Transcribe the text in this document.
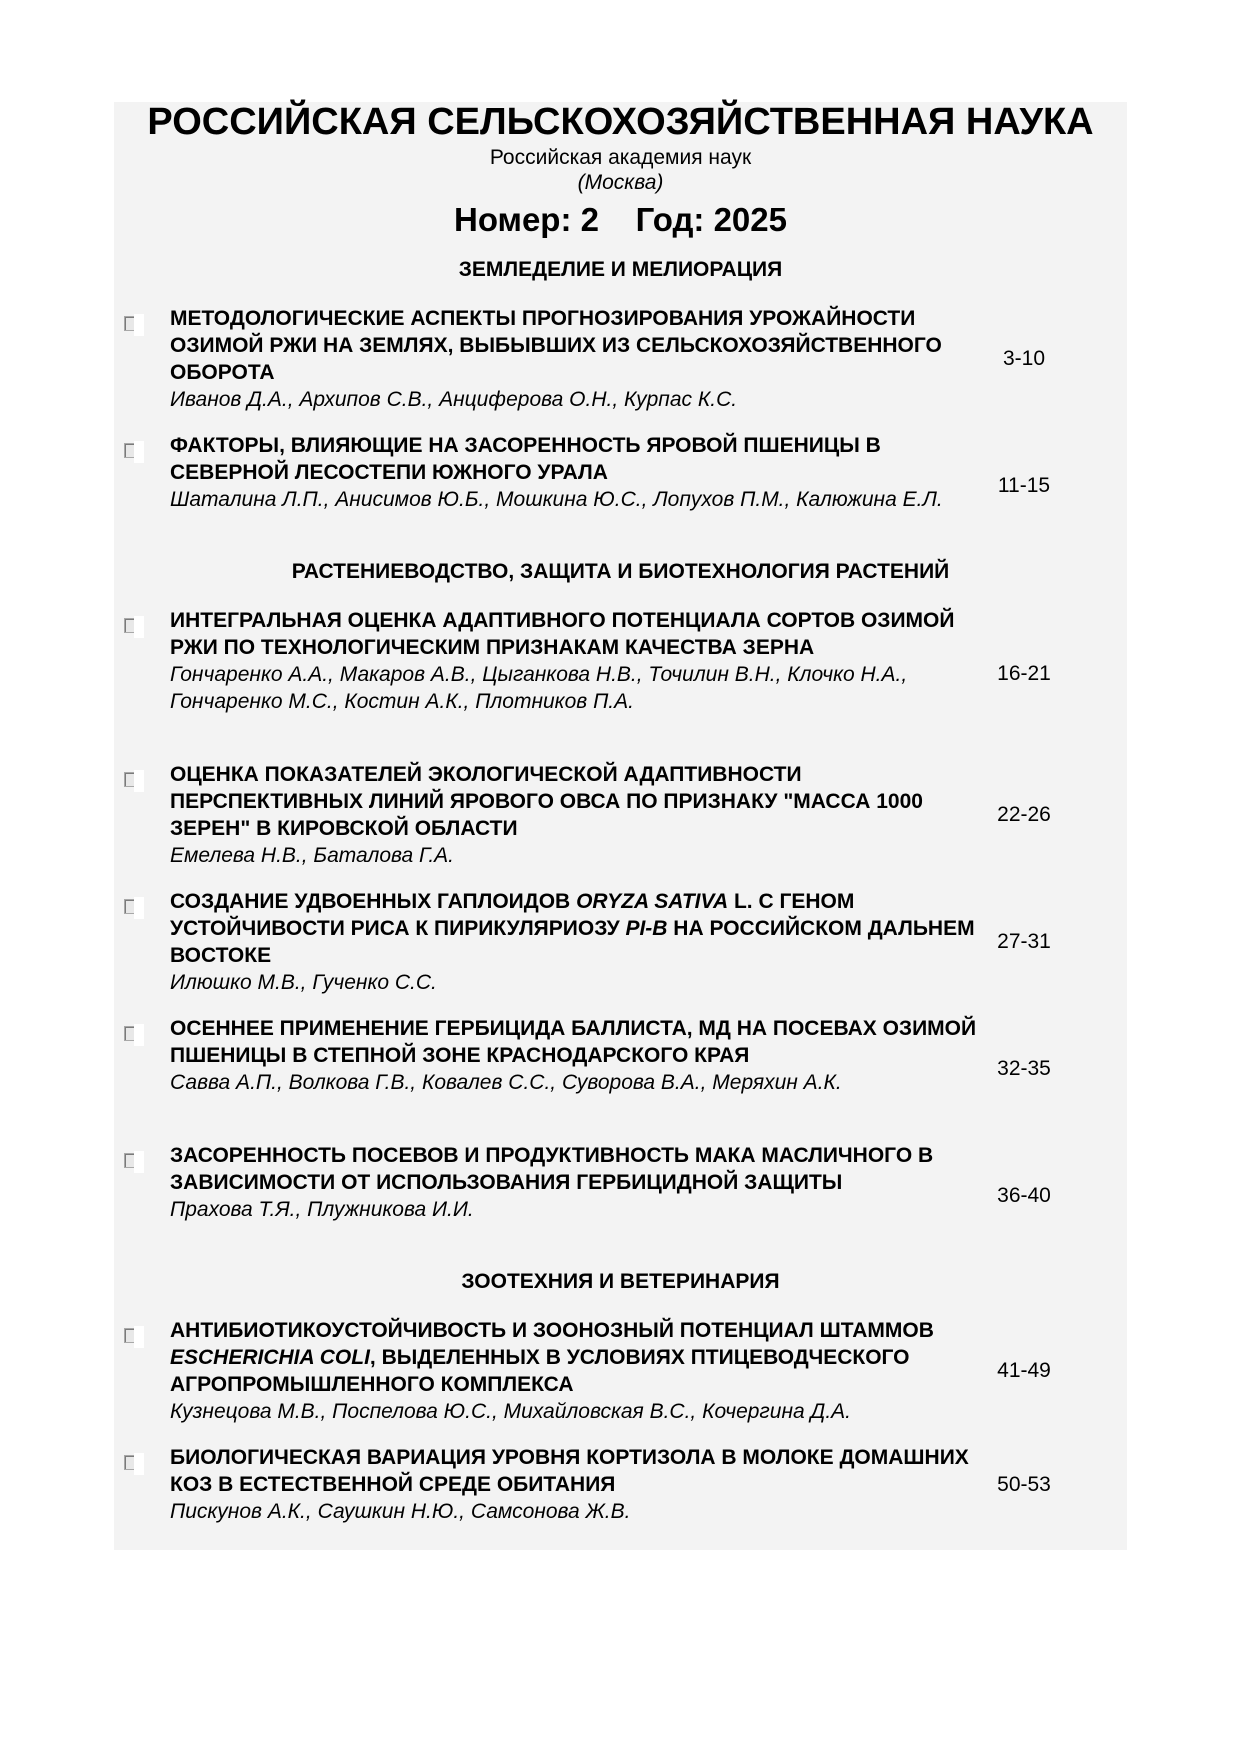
РОССИЙСКАЯ СЕЛЬСКОХОЗЯЙСТВЕННАЯ НАУКА
Российская академия наук
(Москва)
Номер: 2 Год: 2025
ЗЕМЛЕДЕЛИЕ И МЕЛИОРАЦИЯ
МЕТОДОЛОГИЧЕСКИЕ АСПЕКТЫ ПРОГНОЗИРОВАНИЯ УРОЖАЙНОСТИ ОЗИМОЙ РЖИ НА ЗЕМЛЯХ, ВЫБЫВШИХ ИЗ СЕЛЬСКОХОЗЯЙСТВЕННОГО ОБОРОТА
Иванов Д.А., Архипов С.В., Анциферова О.Н., Курпас К.С.
3-10
ФАКТОРЫ, ВЛИЯЮЩИЕ НА ЗАСОРЕННОСТЬ ЯРОВОЙ ПШЕНИЦЫ В СЕВЕРНОЙ ЛЕСОСТЕПИ ЮЖНОГО УРАЛА
Шаталина Л.П., Анисимов Ю.Б., Мошкина Ю.С., Лопухов П.М., Калюжина Е.Л.
11-15
РАСТЕНИЕВОДСТВО, ЗАЩИТА И БИОТЕХНОЛОГИЯ РАСТЕНИЙ
ИНТЕГРАЛЬНАЯ ОЦЕНКА АДАПТИВНОГО ПОТЕНЦИАЛА СОРТОВ ОЗИМОЙ РЖИ ПО ТЕХНОЛОГИЧЕСКИМ ПРИЗНАКАМ КАЧЕСТВА ЗЕРНА
Гончаренко А.А., Макаров А.В., Цыганкова Н.В., Точилин В.Н., Клочко Н.А., Гончаренко М.С., Костин А.К., Плотников П.А.
16-21
ОЦЕНКА ПОКАЗАТЕЛЕЙ ЭКОЛОГИЧЕСКОЙ АДАПТИВНОСТИ ПЕРСПЕКТИВНЫХ ЛИНИЙ ЯРОВОГО ОВСА ПО ПРИЗНАКУ "МАССА 1000 ЗЕРЕН" В КИРОВСКОЙ ОБЛАСТИ
Емелева Н.В., Баталова Г.А.
22-26
СОЗДАНИЕ УДВОЕННЫХ ГАПЛОИДОВ ORYZA SATIVA L. С ГЕНОМ УСТОЙЧИВОСТИ РИСА К ПИРИКУЛЯРИОЗУ PI-B НА РОССИЙСКОМ ДАЛЬНЕМ ВОСТОКЕ
Илюшко М.В., Гученко С.С.
27-31
ОСЕННЕЕ ПРИМЕНЕНИЕ ГЕРБИЦИДА БАЛЛИСТА, МД НА ПОСЕВАХ ОЗИМОЙ ПШЕНИЦЫ В СТЕПНОЙ ЗОНЕ КРАСНОДАРСКОГО КРАЯ
Савва А.П., Волкова Г.В., Ковалев С.С., Суворова В.А., Меряхин А.К.
32-35
ЗАСОРЕННОСТЬ ПОСЕВОВ И ПРОДУКТИВНОСТЬ МАКА МАСЛИЧНОГО В ЗАВИСИМОСТИ ОТ ИСПОЛЬЗОВАНИЯ ГЕРБИЦИДНОЙ ЗАЩИТЫ
Прахова Т.Я., Плужникова И.И.
36-40
ЗООТЕХНИЯ И ВЕТЕРИНАРИЯ
АНТИБИОТИКОУСТОЙЧИВОСТЬ И ЗООНОЗНЫЙ ПОТЕНЦИАЛ ШТАММОВ ESCHERICHIA COLI, ВЫДЕЛЕННЫХ В УСЛОВИЯХ ПТИЦЕВОДЧЕСКОГО АГРОПРОМЫШЛЕННОГО КОМПЛЕКСА
Кузнецова М.В., Поспелова Ю.С., Михайловская В.С., Кочергина Д.А.
41-49
БИОЛОГИЧЕСКАЯ ВАРИАЦИЯ УРОВНЯ КОРТИЗОЛА В МОЛОКЕ ДОМАШНИХ КОЗ В ЕСТЕСТВЕННОЙ СРЕДЕ ОБИТАНИЯ
Пискунов А.К., Саушкин Н.Ю., Самсонова Ж.В.
50-53
